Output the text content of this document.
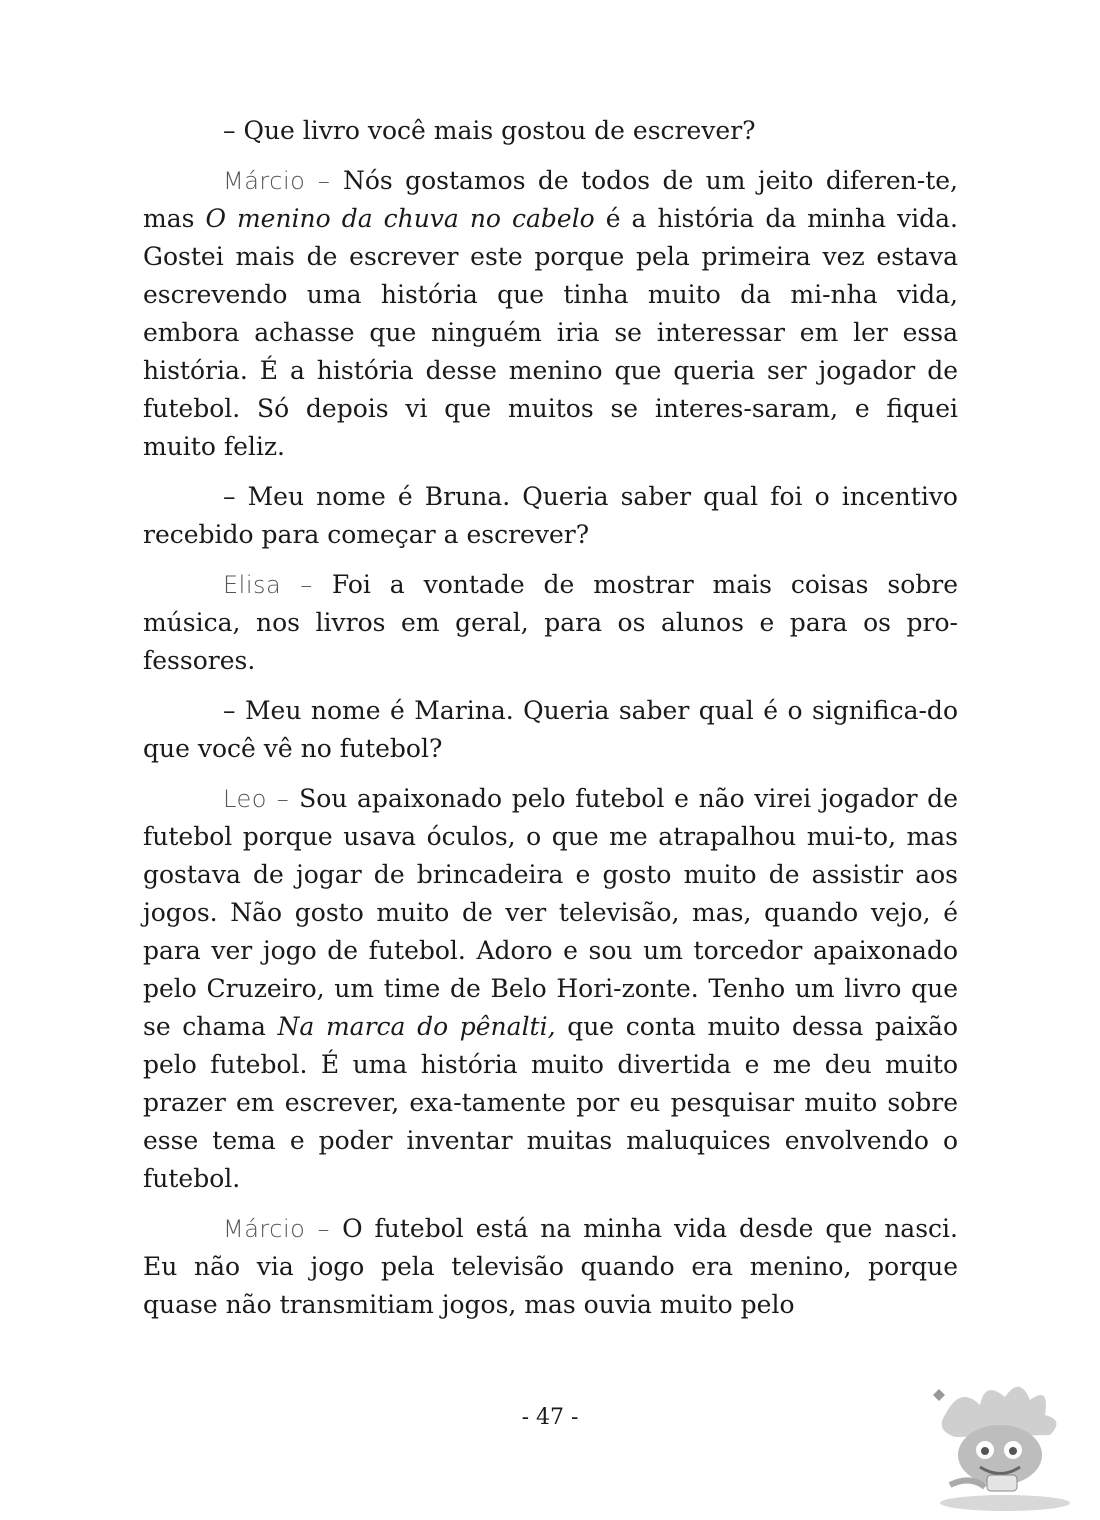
– Que livro você mais gostou de escrever?

Márcio – Nós gostamos de todos de um jeito diferen-te, mas O menino da chuva no cabelo é a história da minha vida. Gostei mais de escrever este porque pela primeira vez estava escrevendo uma história que tinha muito da mi-nha vida, embora achasse que ninguém iria se interessar em ler essa história. É a história desse menino que queria ser jogador de futebol. Só depois vi que muitos se interes-saram, e fiquei muito feliz.

– Meu nome é Bruna. Queria saber qual foi o incentivo recebido para começar a escrever?

Elisa – Foi a vontade de mostrar mais coisas sobre música, nos livros em geral, para os alunos e para os pro-fessores.

– Meu nome é Marina. Queria saber qual é o significa-do que você vê no futebol?

Leo – Sou apaixonado pelo futebol e não virei jogador de futebol porque usava óculos, o que me atrapalhou mui-to, mas gostava de jogar de brincadeira e gosto muito de assistir aos jogos. Não gosto muito de ver televisão, mas, quando vejo, é para ver jogo de futebol. Adoro e sou um torcedor apaixonado pelo Cruzeiro, um time de Belo Hori-zonte. Tenho um livro que se chama Na marca do pênalti, que conta muito dessa paixão pelo futebol. É uma história muito divertida e me deu muito prazer em escrever, exa-tamente por eu pesquisar muito sobre esse tema e poder inventar muitas maluquices envolvendo o futebol.

Márcio – O futebol está na minha vida desde que nasci. Eu não via jogo pela televisão quando era menino, porque quase não transmitiam jogos, mas ouvia muito pelo

- 47 -
